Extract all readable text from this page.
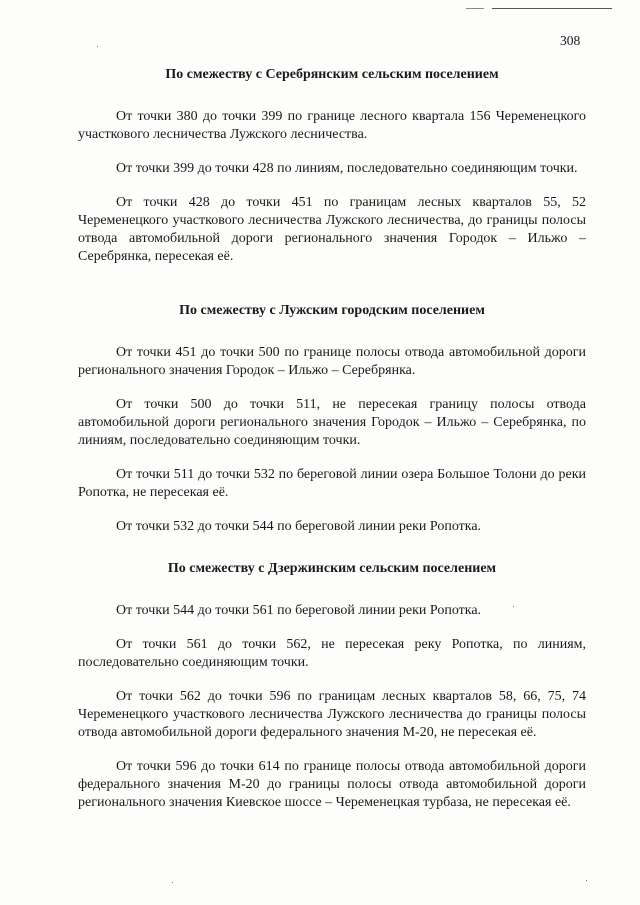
308

По смежеству с Серебрянским сельским поселением

От точки 380 до точки 399 по границе лесного квартала 156 Череменецкого участкового лесничества Лужского лесничества.

От точки 399 до точки 428 по линиям, последовательно соединяющим точки.

От точки 428 до точки 451 по границам лесных кварталов 55, 52 Череменецкого участкового лесничества Лужского лесничества, до границы полосы отвода автомобильной дороги регионального значения Городок – Ильжо – Серебрянка, пересекая её.

По смежеству с Лужским городским поселением

От точки 451 до точки 500 по границе полосы отвода автомобильной дороги регионального значения Городок – Ильжо – Серебрянка.

От точки 500 до точки 511, не пересекая границу полосы отвода автомобильной дороги регионального значения Городок – Ильжо – Серебрянка, по линиям, последовательно соединяющим точки.

От точки 511 до точки 532 по береговой линии озера Большое Толони до реки Ропотка, не пересекая её.

От точки 532 до точки 544 по береговой линии реки Ропотка.

По смежеству с Дзержинским сельским поселением

От точки 544 до точки 561 по береговой линии реки Ропотка.

От точки 561 до точки 562, не пересекая реку Ропотка, по линиям, последовательно соединяющим точки.

От точки 562 до точки 596 по границам лесных кварталов 58, 66, 75, 74 Череменецкого участкового лесничества Лужского лесничества до границы полосы отвода автомобильной дороги федерального значения М-20, не пересекая её.

От точки 596 до точки 614 по границе полосы отвода автомобильной дороги федерального значения М-20 до границы полосы отвода автомобильной дороги регионального значения Киевское шоссе – Череменецкая турбаза, не пересекая её.
